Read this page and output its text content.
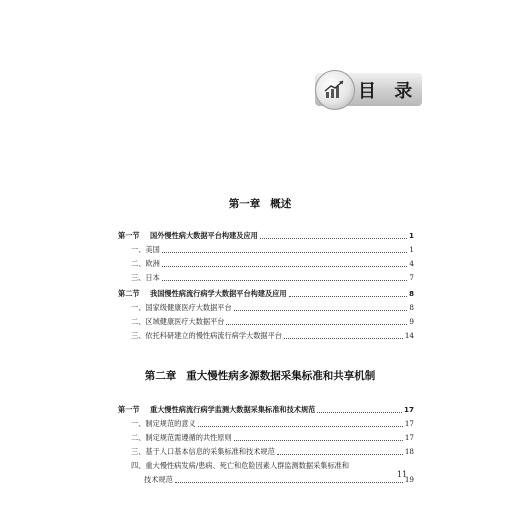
目 录
第一章 概述
第一节	国外慢性病大数据平台构建及应用	1
一、美国	1
二、欧洲	4
三、日本	7
第二节	我国慢性病流行病学大数据平台构建及应用	8
一、国家级健康医疗大数据平台	8
二、区域健康医疗大数据平台	9
三、依托科研建立的慢性病流行病学大数据平台	14
第二章 重大慢性病多源数据采集标准和共享机制
第一节	重大慢性病流行病学监测大数据采集标准和技术规范	17
一、制定规范的意义	17
二、制定规范需遵循的共性原则	17
三、基于人口基本信息的采集标准和技术规范	18
四、重大慢性病发病/患病、死亡和危险因素人群监测数据采集标准和
技术规范	19
11
